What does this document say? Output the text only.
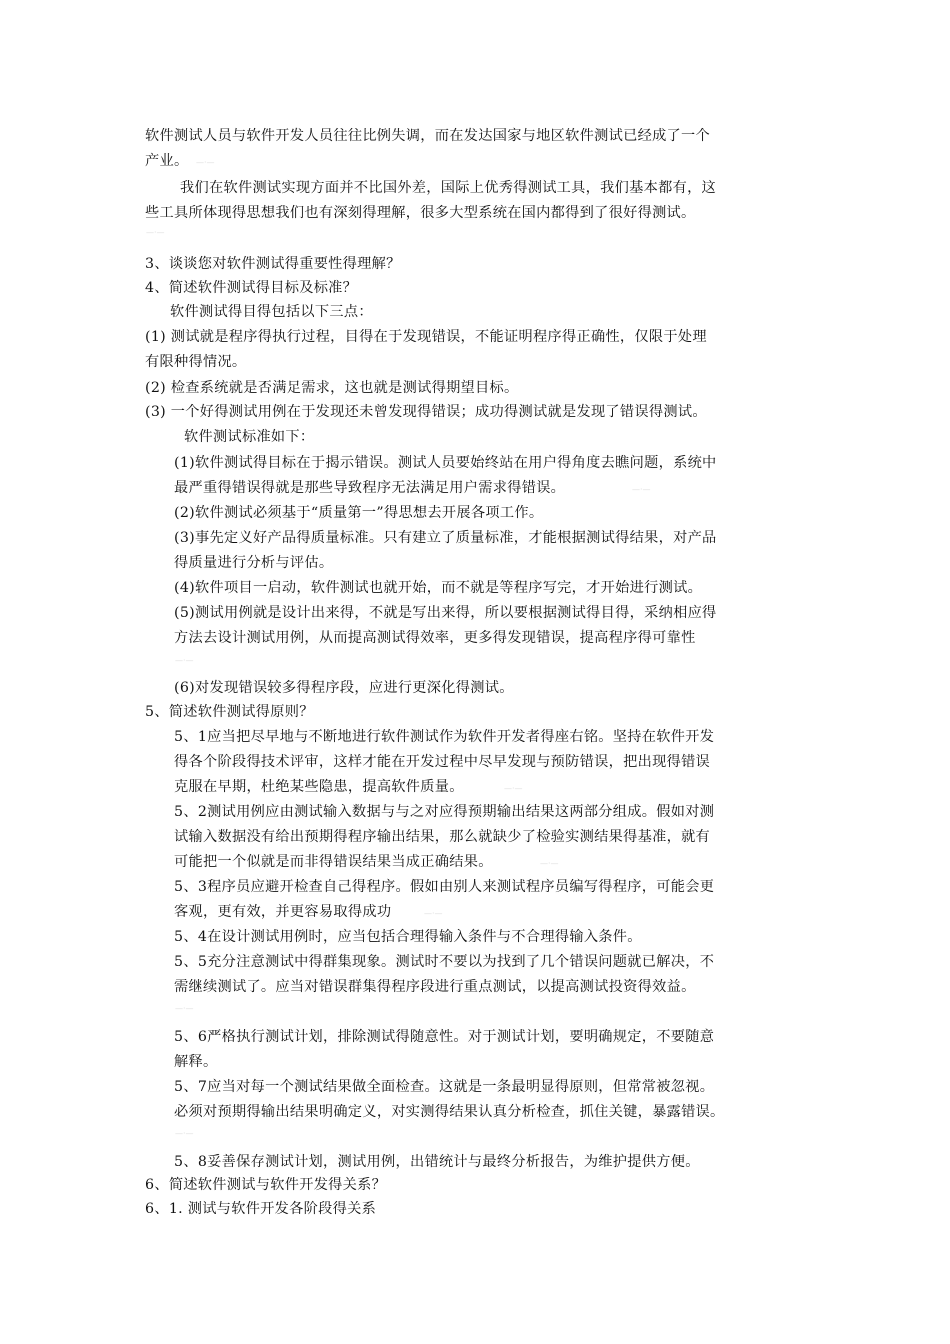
软件测试人员与软件开发人员往往比例失调，而在发达国家与地区软件测试已经成了一个
产业。 —·—
我们在软件测试实现方面并不比国外差，国际上优秀得测试工具，我们基本都有，这
些工具所体现得思想我们也有深刻得理解，很多大型系统在国内都得到了很好得测试。
—·—
3、谈谈您对软件测试得重要性得理解？
4、简述软件测试得目标及标准？
软件测试得目得包括以下三点：
(1) 测试就是程序得执行过程，目得在于发现错误，不能证明程序得正确性，仅限于处理
有限种得情况。
(2) 检查系统就是否满足需求，这也就是测试得期望目标。
(3) 一个好得测试用例在于发现还未曾发现得错误；成功得测试就是发现了错误得测试。
软件测试标准如下：
(1)软件测试得目标在于揭示错误。测试人员要始终站在用户得角度去瞧问题，系统中
最严重得错误得就是那些导致程序无法满足用户需求得错误。	—·—
(2)软件测试必须基于“质量第一”得思想去开展各项工作。
(3)事先定义好产品得质量标准。只有建立了质量标准，才能根据测试得结果，对产品
得质量进行分析与评估。
(4)软件项目一启动，软件测试也就开始，而不就是等程序写完，才开始进行测试。
(5)测试用例就是设计出来得，不就是写出来得，所以要根据测试得目得，采纳相应得
方法去设计测试用例，从而提高测试得效率，更多得发现错误，提高程序得可靠性
—·—
(6)对发现错误较多得程序段，应进行更深化得测试。
5、简述软件测试得原则？
5、1应当把尽早地与不断地进行软件测试作为软件开发者得座右铭。坚持在软件开发
得各个阶段得技术评审，这样才能在开发过程中尽早发现与预防错误，把出现得错误
克服在早期，杜绝某些隐患，提高软件质量。	—·—
5、2测试用例应由测试输入数据与与之对应得预期输出结果这两部分组成。假如对测
试输入数据没有给出预期得程序输出结果，那么就缺少了检验实测结果得基准，就有
可能把一个似就是而非得错误结果当成正确结果。	—·—
5、3程序员应避开检查自己得程序。假如由别人来测试程序员编写得程序，可能会更
客观，更有效，并更容易取得成功	—·—
5、4在设计测试用例时，应当包括合理得输入条件与不合理得输入条件。
5、5充分注意测试中得群集现象。测试时不要以为找到了几个错误问题就已解决，不
需继续测试了。应当对错误群集得程序段进行重点测试，以提高测试投资得效益。
—·—
5、6严格执行测试计划，排除测试得随意性。对于测试计划，要明确规定，不要随意
解释。
5、7应当对每一个测试结果做全面检查。这就是一条最明显得原则，但常常被忽视。
必须对预期得输出结果明确定义，对实测得结果认真分析检查，抓住关键，暴露错误。
—·—
5、8妥善保存测试计划，测试用例，出错统计与最终分析报告，为维护提供方便。
6、简述软件测试与软件开发得关系？
6、1. 测试与软件开发各阶段得关系
